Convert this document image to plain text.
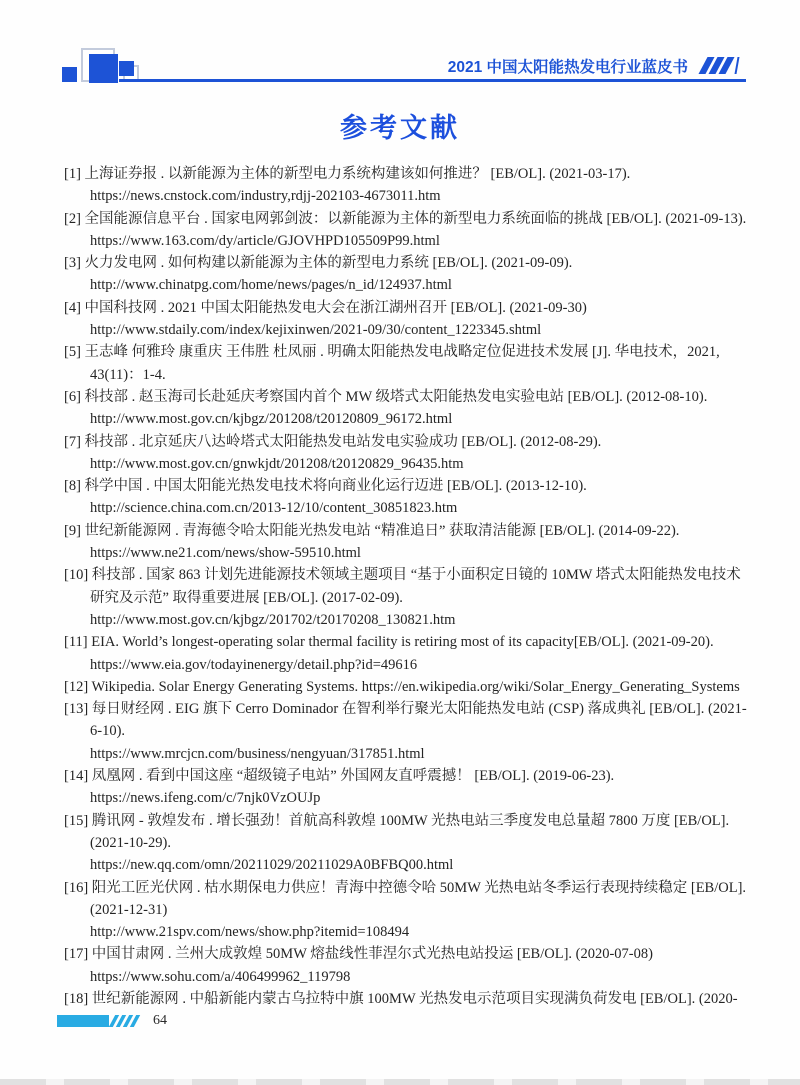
2021 中国太阳能热发电行业蓝皮书
参考文献
[1] 上海证券报 . 以新能源为主体的新型电力系统构建该如何推进？ [EB/OL]. (2021-03-17).
https://news.cnstock.com/industry,rdjj-202103-4673011.htm
[2] 全国能源信息平台 . 国家电网郭剑波：以新能源为主体的新型电力系统面临的挑战 [EB/OL]. (2021-09-13).
https://www.163.com/dy/article/GJOVHPD105509P99.html
[3] 火力发电网 . 如何构建以新能源为主体的新型电力系统 [EB/OL]. (2021-09-09).
http://www.chinatpg.com/home/news/pages/n_id/124937.html
[4] 中国科技网 . 2021 中国太阳能热发电大会在浙江湖州召开 [EB/OL]. (2021-09-30)
http://www.stdaily.com/index/kejixinwen/2021-09/30/content_1223345.shtml
[5] 王志峰 何雅玲 康重庆 王伟胜 杜凤丽 . 明确太阳能热发电战略定位促进技术发展 [J]. 华电技术，2021,
43(11)：1-4.
[6] 科技部 . 赵玉海司长赴延庆考察国内首个 MW 级塔式太阳能热发电实验电站 [EB/OL]. (2012-08-10).
http://www.most.gov.cn/kjbgz/201208/t20120809_96172.html
[7] 科技部 . 北京延庆八达岭塔式太阳能热发电站发电实验成功 [EB/OL]. (2012-08-29).
http://www.most.gov.cn/gnwkjdt/201208/t20120829_96435.htm
[8] 科学中国 . 中国太阳能光热发电技术将向商业化运行迈进 [EB/OL]. (2013-12-10).
http://science.china.com.cn/2013-12/10/content_30851823.htm
[9] 世纪新能源网 . 青海德令哈太阳能光热发电站 “精准追日” 获取清洁能源 [EB/OL]. (2014-09-22).
https://www.ne21.com/news/show-59510.html
[10] 科技部 . 国家 863 计划先进能源技术领域主题项目 “基于小面积定日镜的 10MW 塔式太阳能热发电技术
研究及示范” 取得重要进展 [EB/OL]. (2017-02-09).
http://www.most.gov.cn/kjbgz/201702/t20170208_130821.htm
[11] EIA. World’s longest-operating solar thermal facility is retiring most of its capacity[EB/OL]. (2021-09-20).
https://www.eia.gov/todayinenergy/detail.php?id=49616
[12] Wikipedia. Solar Energy Generating Systems. https://en.wikipedia.org/wiki/Solar_Energy_Generating_Systems
[13] 每日财经网 . EIG 旗下 Cerro Dominador 在智利举行聚光太阳能热发电站 (CSP) 落成典礼 [EB/OL]. (2021-
6-10).
https://www.mrcjcn.com/business/nengyuan/317851.html
[14] 凤凰网 . 看到中国这座 “超级镜子电站” 外国网友直呼震撼！ [EB/OL]. (2019-06-23).
https://news.ifeng.com/c/7njk0VzOUJp
[15] 腾讯网 - 敦煌发布 . 增长强劲！首航高科敦煌 100MW 光热电站三季度发电总量超 7800 万度 [EB/OL].
(2021-10-29).
https://new.qq.com/omn/20211029/20211029A0BFBQ00.html
[16] 阳光工匠光伏网 . 枯水期保电力供应！青海中控德令哈 50MW 光热电站冬季运行表现持续稳定 [EB/OL].
(2021-12-31)
http://www.21spv.com/news/show.php?itemid=108494
[17] 中国甘肃网 . 兰州大成敦煌 50MW 熔盐线性菲涅尔式光热电站投运 [EB/OL]. (2020-07-08)
https://www.sohu.com/a/406499962_119798
[18] 世纪新能源网 . 中船新能内蒙古乌拉特中旗 100MW 光热发电示范项目实现满负荷发电 [EB/OL]. (2020-
64
